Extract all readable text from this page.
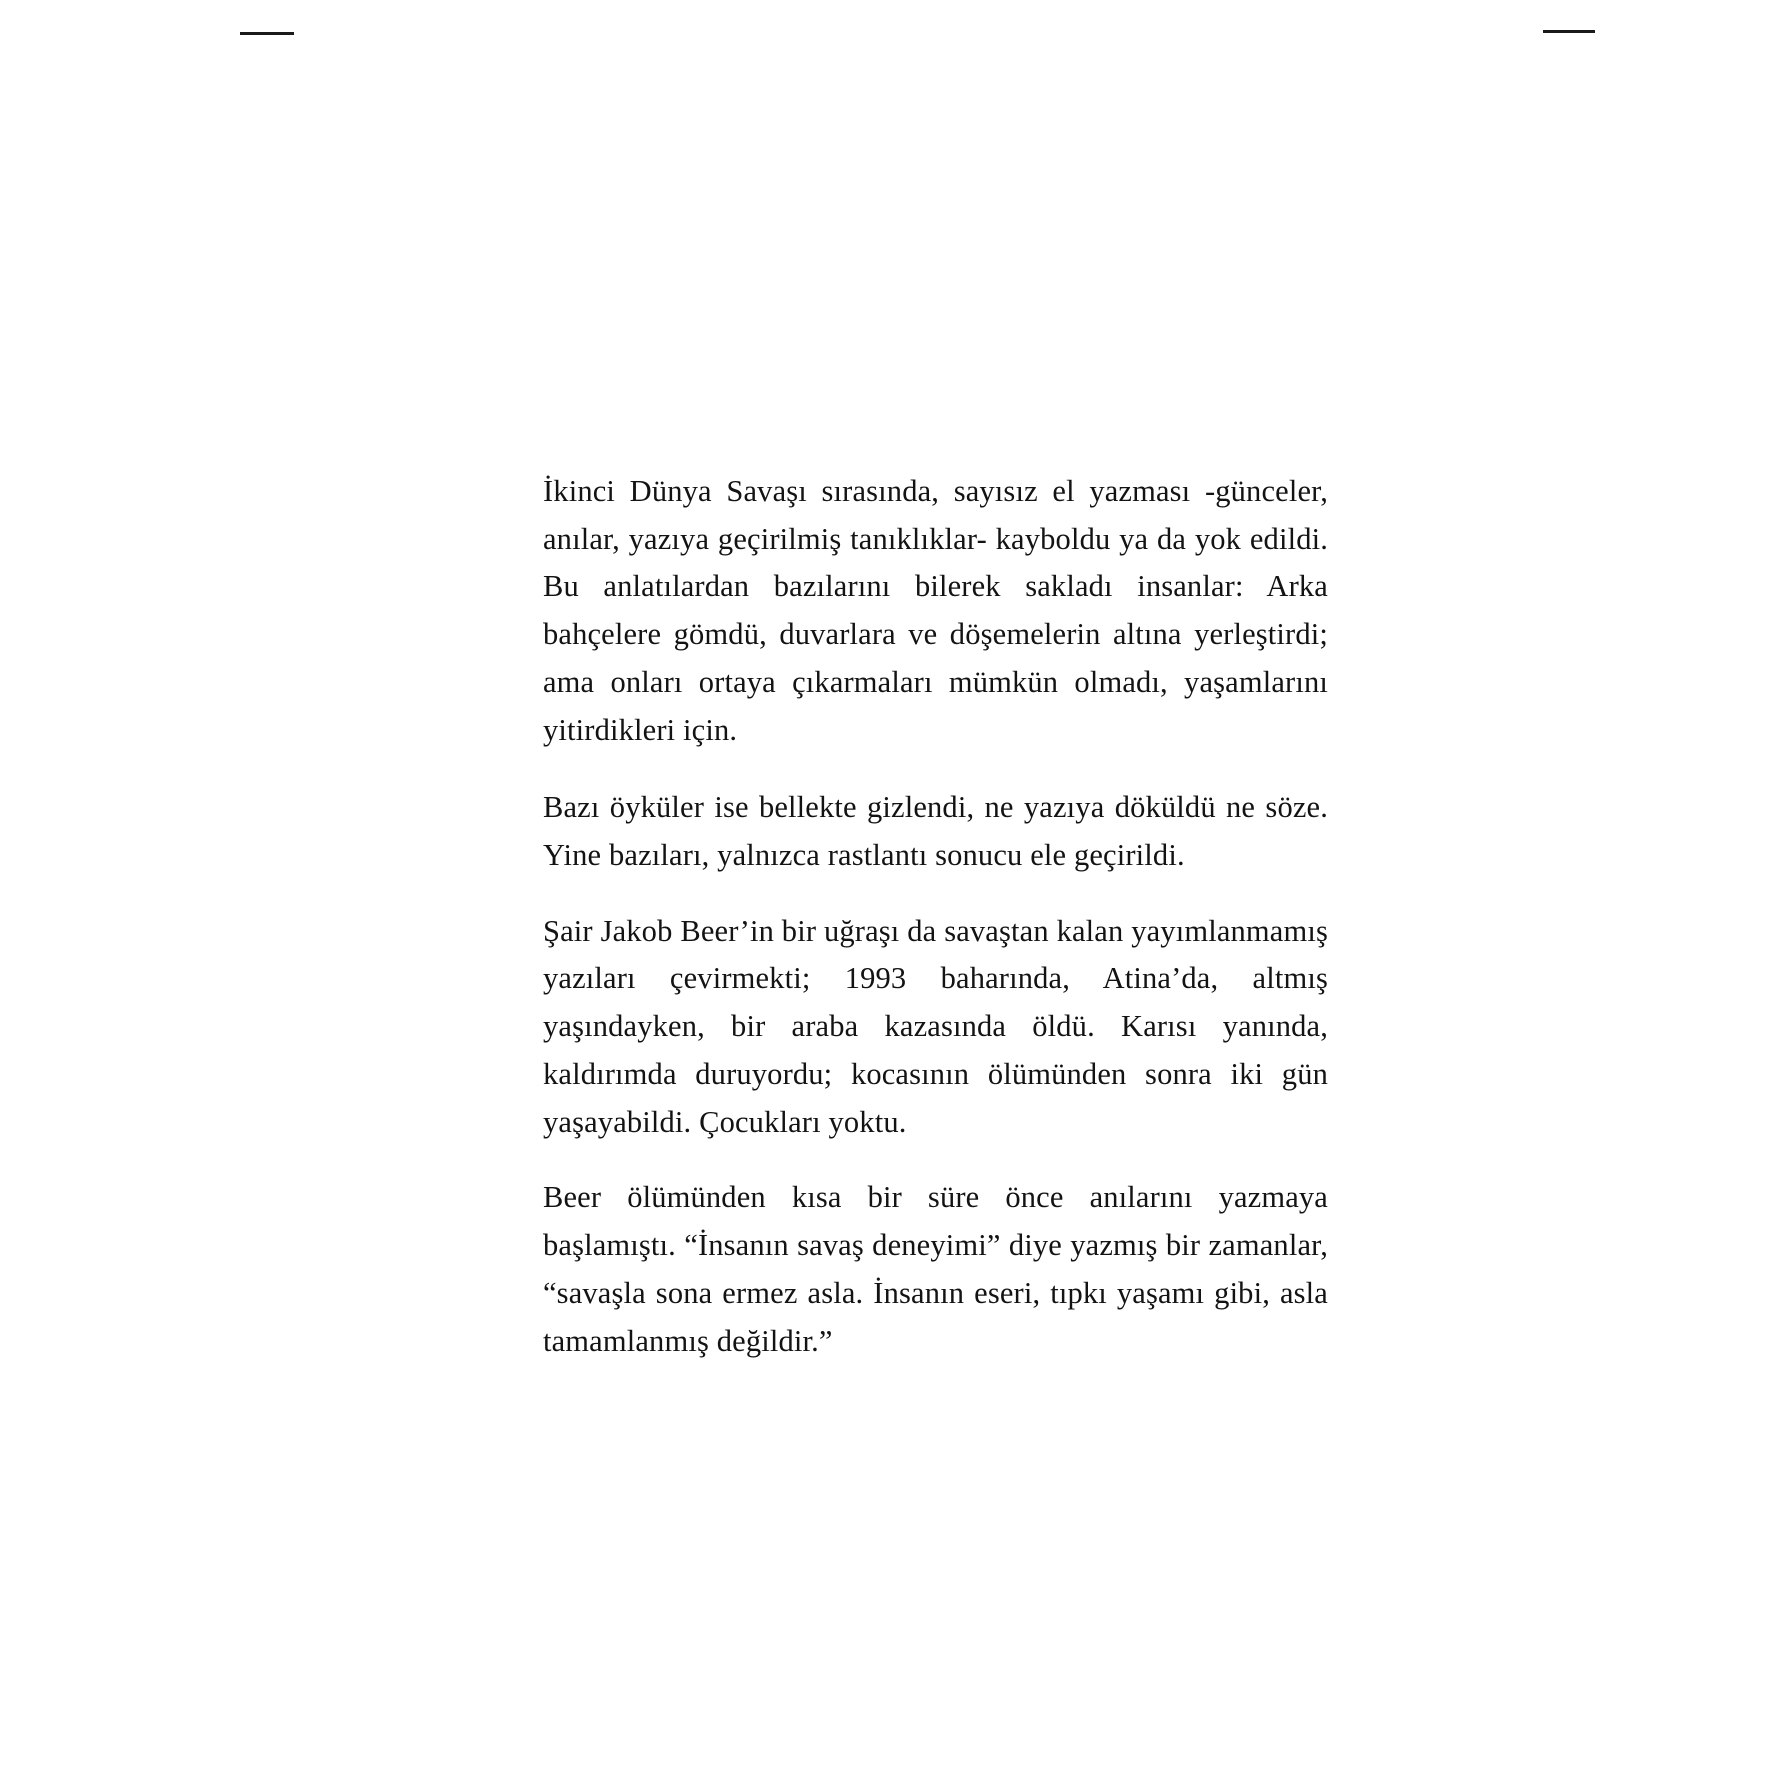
İkinci Dünya Savaşı sırasında, sayısız el yazması -günceler, anılar, yazıya geçirilmiş tanıklıklar- kayboldu ya da yok edildi. Bu anlatılardan bazılarını bilerek sakladı insanlar: Arka bahçelere gömdü, duvarlara ve döşemelerin altına yerleştirdi; ama onları ortaya çıkarmaları mümkün olmadı, yaşamlarını yitirdikleri için.

Bazı öyküler ise bellekte gizlendi, ne yazıya döküldü ne söze. Yine bazıları, yalnızca rastlantı sonucu ele geçirildi.

Şair Jakob Beer’in bir uğraşı da savaştan kalan yayımlanmamış yazıları çevirmekti; 1993 baharında, Atina’da, altmış yaşındayken, bir araba kazasında öldü. Karısı yanında, kaldırımda duruyordu; kocasının ölümünden sonra iki gün yaşayabildi. Çocukları yoktu.

Beer ölümünden kısa bir süre önce anılarını yazmaya başlamıştı. “İnsanın savaş deneyimi” diye yazmış bir zamanlar, “savaşla sona ermez asla. İnsanın eseri, tıpkı yaşamı gibi, asla tamamlanmış değildir.”
